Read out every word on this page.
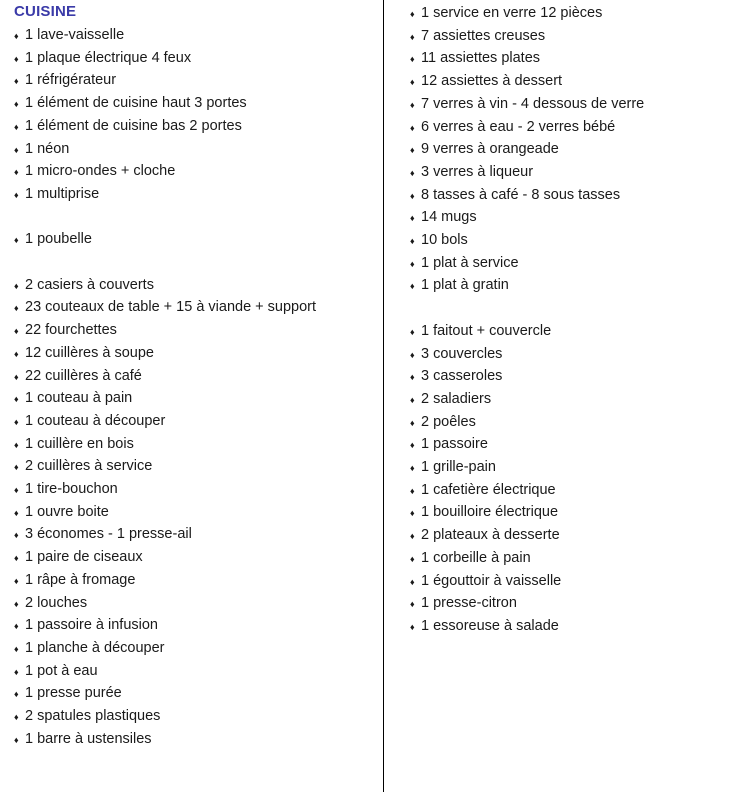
CUISINE
♦ 1 lave-vaisselle
♦ 1 plaque électrique 4 feux
♦ 1 réfrigérateur
♦ 1 élément de cuisine haut 3 portes
♦ 1 élément de cuisine bas 2 portes
♦ 1 néon
♦ 1 micro-ondes + cloche
♦ 1 multiprise
♦ 1 poubelle
♦ 2 casiers à couverts
♦ 23 couteaux de table + 15 à viande + support
♦ 22 fourchettes
♦ 12 cuillères à soupe
♦ 22 cuillères à café
♦ 1 couteau à pain
♦ 1 couteau à découper
♦ 1 cuillère en bois
♦ 2 cuillères à service
♦ 1 tire-bouchon
♦ 1 ouvre boite
♦ 3 économes - 1 presse-ail
♦ 1 paire de ciseaux
♦ 1 râpe à fromage
♦ 2 louches
♦ 1 passoire à infusion
♦ 1 planche à découper
♦ 1 pot à eau
♦ 1 presse purée
♦ 2 spatules plastiques
♦ 1 barre à ustensiles
♦ 1 service en verre 12 pièces
♦ 7 assiettes creuses
♦ 11 assiettes plates
♦ 12 assiettes à dessert
♦ 7 verres à vin - 4 dessous de verre
♦ 6 verres à eau - 2 verres bébé
♦ 9 verres à orangeade
♦ 3 verres à liqueur
♦ 8 tasses à café - 8 sous tasses
♦ 14 mugs
♦ 10 bols
♦ 1 plat à service
♦ 1 plat à gratin
♦ 1 faitout + couvercle
♦ 3 couvercles
♦ 3 casseroles
♦ 2 saladiers
♦ 2 poêles
♦ 1 passoire
♦ 1 grille-pain
♦ 1 cafetière électrique
♦ 1 bouilloire électrique
♦ 2 plateaux à desserte
♦ 1 corbeille à pain
♦ 1 égouttoir à vaisselle
♦ 1 presse-citron
♦ 1 essoreuse à salade
